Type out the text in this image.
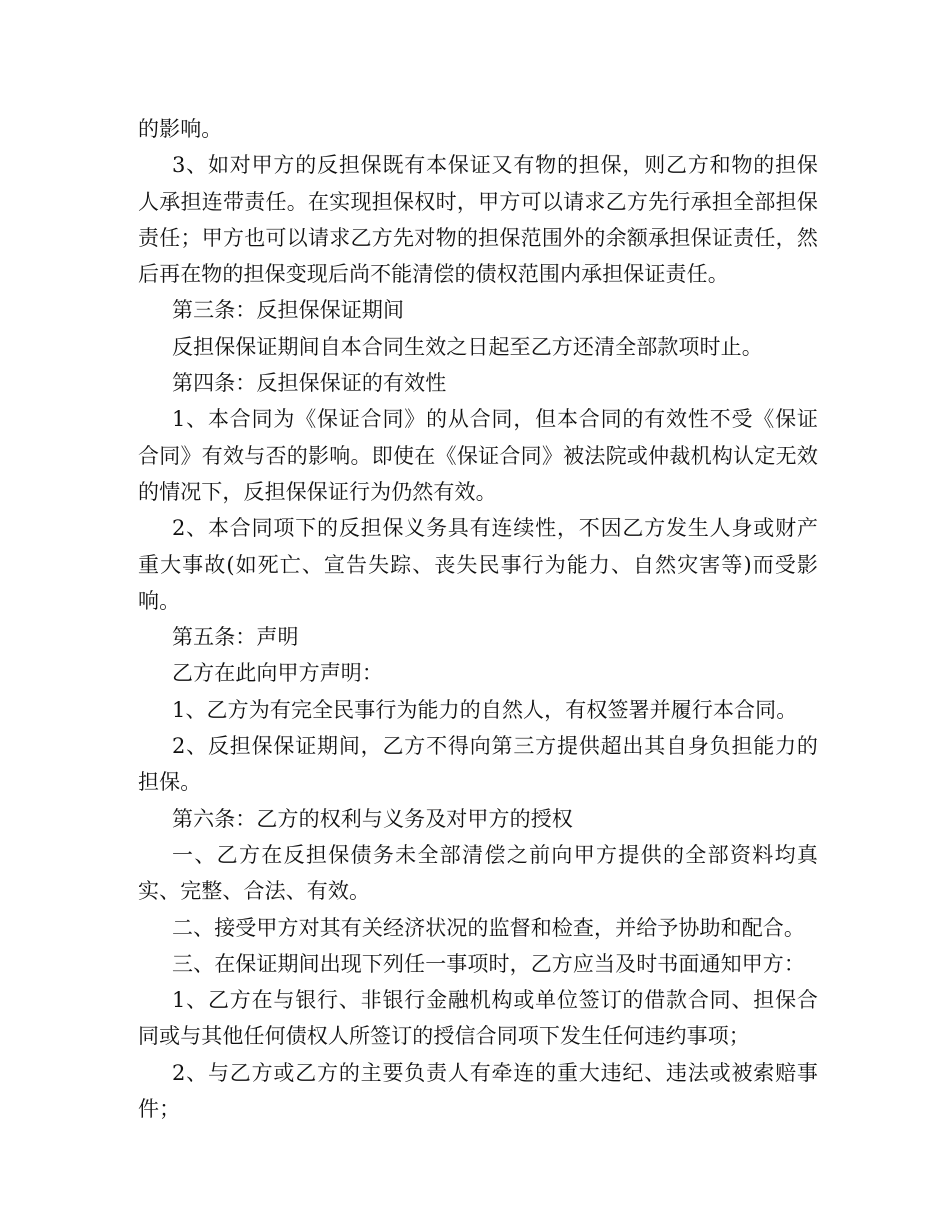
的影响。

3、如对甲方的反担保既有本保证又有物的担保，则乙方和物的担保人承担连带责任。在实现担保权时，甲方可以请求乙方先行承担全部担保责任；甲方也可以请求乙方先对物的担保范围外的余额承担保证责任，然后再在物的担保变现后尚不能清偿的债权范围内承担保证责任。

第三条：反担保保证期间

反担保保证期间自本合同生效之日起至乙方还清全部款项时止。

第四条：反担保保证的有效性

1、本合同为《保证合同》的从合同，但本合同的有效性不受《保证合同》有效与否的影响。即使在《保证合同》被法院或仲裁机构认定无效的情况下，反担保保证行为仍然有效。

2、本合同项下的反担保义务具有连续性，不因乙方发生人身或财产重大事故(如死亡、宣告失踪、丧失民事行为能力、自然灾害等)而受影响。

第五条：声明

乙方在此向甲方声明：

1、乙方为有完全民事行为能力的自然人，有权签署并履行本合同。

2、反担保保证期间，乙方不得向第三方提供超出其自身负担能力的担保。

第六条：乙方的权利与义务及对甲方的授权

一、乙方在反担保债务未全部清偿之前向甲方提供的全部资料均真实、完整、合法、有效。

二、接受甲方对其有关经济状况的监督和检查，并给予协助和配合。

三、在保证期间出现下列任一事项时，乙方应当及时书面通知甲方：

1、乙方在与银行、非银行金融机构或单位签订的借款合同、担保合同或与其他任何债权人所签订的授信合同项下发生任何违约事项；

2、与乙方或乙方的主要负责人有牵连的重大违纪、违法或被索赔事件；
